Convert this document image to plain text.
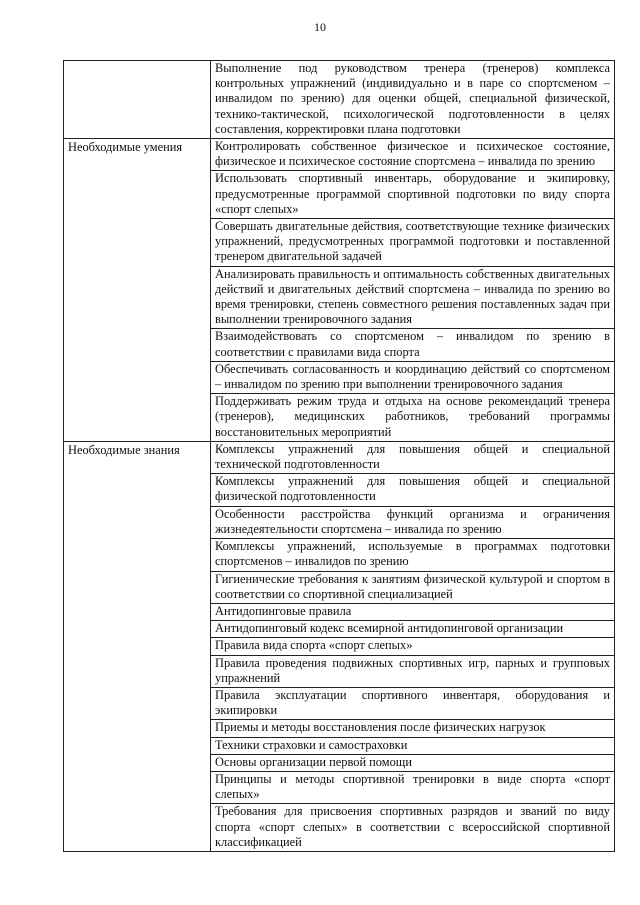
10
	Выполнение под руководством тренера (тренеров) комплекса контрольных упражнений (индивидуально и в паре со спортсменом – инвалидом по зрению) для оценки общей, специальной физической, технико-тактической, психологической подготовленности в целях составления, корректировки плана подготовки

Необходимые умения	Контролировать собственное физическое и психическое состояние, физическое и психическое состояние спортсмена – инвалида по зрению
	Использовать спортивный инвентарь, оборудование и экипировку, предусмотренные программой спортивной подготовки по виду спорта «спорт слепых»
	Совершать двигательные действия, соответствующие технике физических упражнений, предусмотренных программой подготовки и поставленной тренером двигательной задачей
	Анализировать правильность и оптимальность собственных двигательных действий и двигательных действий спортсмена – инвалида по зрению во время тренировки, степень совместного решения поставленных задач при выполнении тренировочного задания
	Взаимодействовать со спортсменом – инвалидом по зрению в соответствии с правилами вида спорта
	Обеспечивать согласованность и координацию действий со спортсменом – инвалидом по зрению при выполнении тренировочного задания
	Поддерживать режим труда и отдыха на основе рекомендаций тренера (тренеров), медицинских работников, требований программы восстановительных мероприятий

Необходимые знания	Комплексы упражнений для повышения общей и специальной технической подготовленности
	Комплексы упражнений для повышения общей и специальной физической подготовленности
	Особенности расстройства функций организма и ограничения жизнедеятельности спортсмена – инвалида по зрению
	Комплексы упражнений, используемые в программах подготовки спортсменов – инвалидов по зрению
	Гигиенические требования к занятиям физической культурой и спортом в соответствии со спортивной специализацией
	Антидопинговые правила
	Антидопинговый кодекс всемирной антидопинговой организации
	Правила вида спорта «спорт слепых»
	Правила проведения подвижных спортивных игр, парных и групповых упражнений
	Правила эксплуатации спортивного инвентаря, оборудования и экипировки
	Приемы и методы восстановления после физических нагрузок
	Техники страховки и самостраховки
	Основы организации первой помощи
	Принципы и методы спортивной тренировки в виде спорта «спорт слепых»
	Требования для присвоения спортивных разрядов и званий по виду спорта «спорт слепых» в соответствии с всероссийской спортивной классификацией
